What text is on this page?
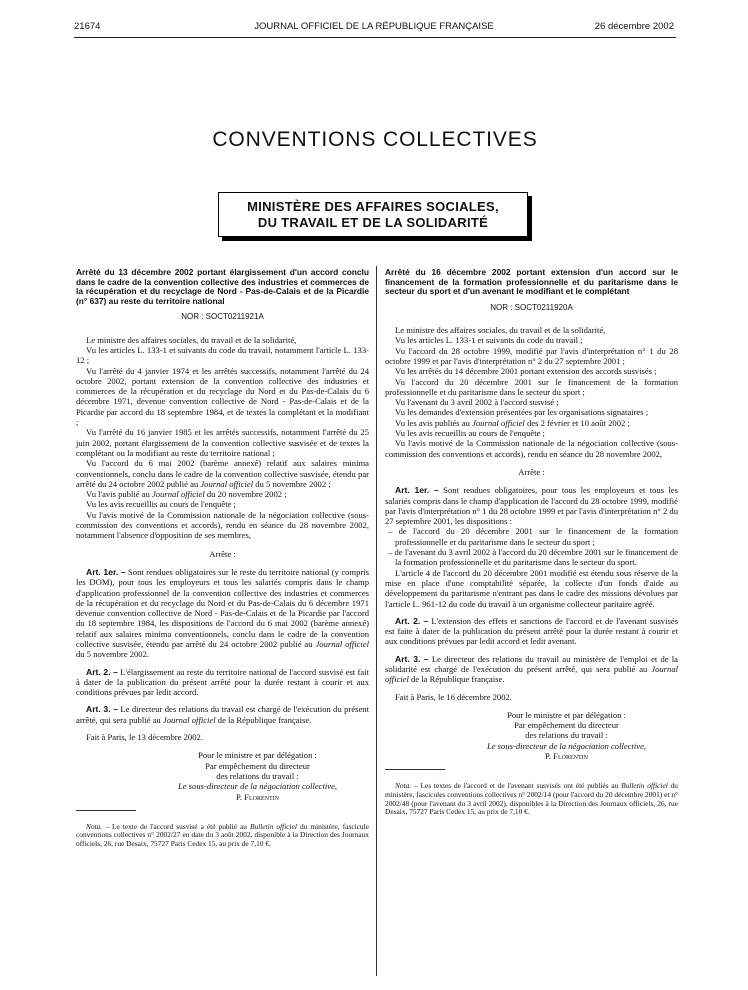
21674	JOURNAL OFFICIEL DE LA RÉPUBLIQUE FRANÇAISE	26 décembre 2002
CONVENTIONS COLLECTIVES
MINISTÈRE DES AFFAIRES SOCIALES,
DU TRAVAIL ET DE LA SOLIDARITÉ

Arrêté du 13 décembre 2002 portant élargissement d'un accord conclu dans le cadre de la convention collective des industries et commerces de la récupération et du recyclage de Nord - Pas-de-Calais et de la Picardie (n° 637) au reste du territoire national

NOR : SOCT0211921A

Le ministre des affaires sociales, du travail et de la solidarité,

Vu les articles L. 133-1 et suivants du code du travail, notamment l'article L. 133-12 ;

Vu l'arrêté du 4 janvier 1974 et les arrêtés successifs, notamment l'arrêté du 24 octobre 2002, portant extension de la convention collective des industries et commerces de la récupération et du recyclage du Nord et du Pas-de-Calais du 6 décembre 1971, devenue convention collective de Nord - Pas-de-Calais et de la Picardie par accord du 18 septembre 1984, et de textes la complétant et la modifiant ;

Vu l'arrêté du 16 janvier 1985 et les arrêtés successifs, notamment l'arrêté du 25 juin 2002, portant élargissement de la convention collective susvisée et de textes la complétant ou la modifiant au reste du territoire national ;

Vu l'accord du 6 mai 2002 (barème annexé) relatif aux salaires minima conventionnels, conclu dans le cadre de la convention collective susvisée, étendu par arrêté du 24 octobre 2002 publié au Journal officiel du 5 novembre 2002 ;

Vu l'avis publié au Journal officiel du 20 novembre 2002 ;

Vu les avis recueillis au cours de l'enquête ;

Vu l'avis motivé de la Commission nationale de la négociation collective (sous-commission des conventions et accords), rendu en séance du 28 novembre 2002, notamment l'absence d'opposition de ses membres,

Arrête :

Art. 1er. – Sont rendues obligatoires sur le reste du territoire national (y compris les DOM), pour tous les employeurs et tous les salariés compris dans le champ d'application professionnel de la convention collective des industries et commerces de la récupération et du recyclage du Nord et du Pas-de-Calais du 6 décembre 1971 devenue convention collective de Nord - Pas-de-Calais et de la Picardie par l'accord du 18 septembre 1984, les dispositions de l'accord du 6 mai 2002 (barème annexé) relatif aux salaires minima conventionnels, conclu dans le cadre de la convention collective susvisée, étendu par arrêté du 24 octobre 2002 publié au Journal officiel du 5 novembre 2002.

Art. 2. – L'élargissement au reste du territoire national de l'accord susvisé est fait à dater de la publication du présent arrêté pour la durée restant à courir et aux conditions prévues par ledit accord.

Art. 3. – Le directeur des relations du travail est chargé de l'exécution du présent arrêté, qui sera publié au Journal officiel de la République française.

Fait à Paris, le 13 décembre 2002.

Pour le ministre et par délégation :

Par empêchement du directeur

des relations du travail :

Le sous-directeur de la négociation collective,

P. Florentin

Nota. – Le texte de l'accord susvisé a été publié au Bulletin officiel du ministère, fascicule conventions collectives n° 2002/27 en date du 3 août 2002, disponible à la Direction des Journaux officiels, 26, rue Desaix, 75727 Paris Cedex 15, au prix de 7,10 €.

Arrêté du 16 décembre 2002 portant extension d'un accord sur le financement de la formation professionnelle et du paritarisme dans le secteur du sport et d'un avenant le modifiant et le complétant

NOR : SOCT0211920A

Le ministre des affaires sociales, du travail et de la solidarité,

Vu les articles L. 133-1 et suivants du code du travail ;

Vu l'accord du 28 octobre 1999, modifié par l'avis d'interprétation n° 1 du 28 octobre 1999 et par l'avis d'interprétation n° 2 du 27 septembre 2001 ;

Vu les arrêtés du 14 décembre 2001 portant extension des accords susvisés ;

Vu l'accord du 20 décembre 2001 sur le financement de la formation professionnelle et du paritarisme dans le secteur du sport ;

Vu l'avenant du 3 avril 2002 à l'accord susvisé ;

Vu les demandes d'extension présentées par les organisations signataires ;

Vu les avis publiés au Journal officiel des 2 février et 10 août 2002 ;

Vu les avis recueillis au cours de l'enquête ;

Vu l'avis motivé de la Commission nationale de la négociation collective (sous-commission des conventions et accords), rendu en séance du 28 novembre 2002,

Arrête :

Art. 1er. – Sont rendues obligatoires, pour tous les employeurs et tous les salariés compris dans le champ d'application de l'accord du 28 octobre 1999, modifié par l'avis d'interprétation n° 1 du 28 octobre 1999 et par l'avis d'interprétation n° 2 du 27 septembre 2001, les dispositions :

– de l'accord du 20 décembre 2001 sur le financement de la formation professionnelle et du paritarisme dans le secteur du sport ;

– de l'avenant du 3 avril 2002 à l'accord du 20 décembre 2001 sur le financement de la formation professionnelle et du paritarisme dans le secteur du sport.

L'article 4 de l'accord du 20 décembre 2001 modifié est étendu sous réserve de la mise en place d'une comptabilité séparée, la collecte d'un fonds d'aide au développement du paritarisme n'entrant pas dans le cadre des missions dévolues par l'article L. 961-12 du code du travail à un organisme collecteur paritaire agréé.

Art. 2. – L'extension des effets et sanctions de l'accord et de l'avenant susvisés est faite à dater de la publication du présent arrêté pour la durée restant à courir et aux conditions prévues par ledit accord et ledit avenant.

Art. 3. – Le directeur des relations du travail au ministère de l'emploi et de la solidarité est chargé de l'exécution du présent arrêté, qui sera publié au Journal officiel de la République française.

Fait à Paris, le 16 décembre 2002.

Pour le ministre et par délégation :

Par empêchement du directeur

des relations du travail :

Le sous-directeur de la négociation collective,

P. Florentin

Nota. – Les textes de l'accord et de l'avenant susvisés ont été publiés au Bulletin officiel du ministère, fascicules conventions collectives n° 2002/14 (pour l'accord du 20 décembre 2001) et n° 2002/48 (pour l'avenant du 3 avril 2002), disponibles à la Direction des Journaux officiels, 26, rue Desaix, 75727 Paris Cedex 15, au prix de 7,10 €.
